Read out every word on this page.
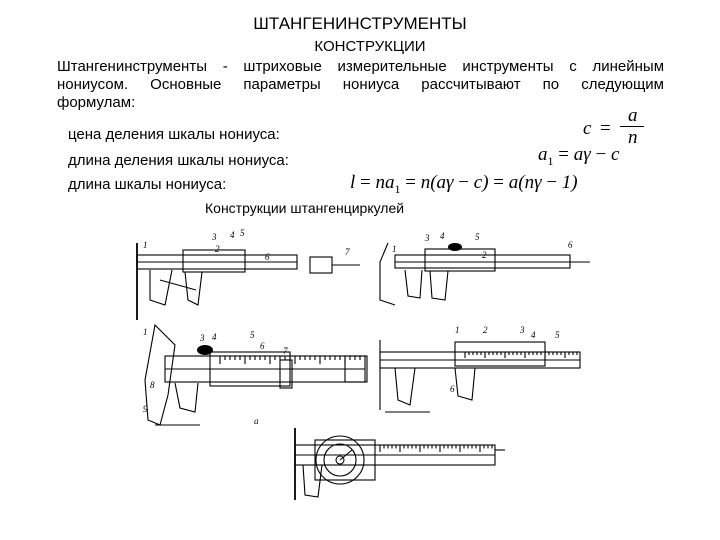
ШТАНГЕНИНСТРУМЕНТЫ
КОНСТРУКЦИИ
Штангенинструменты - штриховые измерительные инструменты с линейным
нониусом. Основные параметры нониуса рассчитывают по следующим
формулам:
цена деления шкалы нониуса:
длина деления шкалы нониуса:
длина шкалы нониуса:
c =
a
n
$a_1 = a\gamma - c$
$l = na_1 = n(a\gamma - c) = a(n\gamma - 1)$
Конструкции штангенциркулей
3 4 5
1	2
6	7
3 4	5
6
1
2
1
3 4	5
6 7
8
9
а
1	2	3 4 5
6
